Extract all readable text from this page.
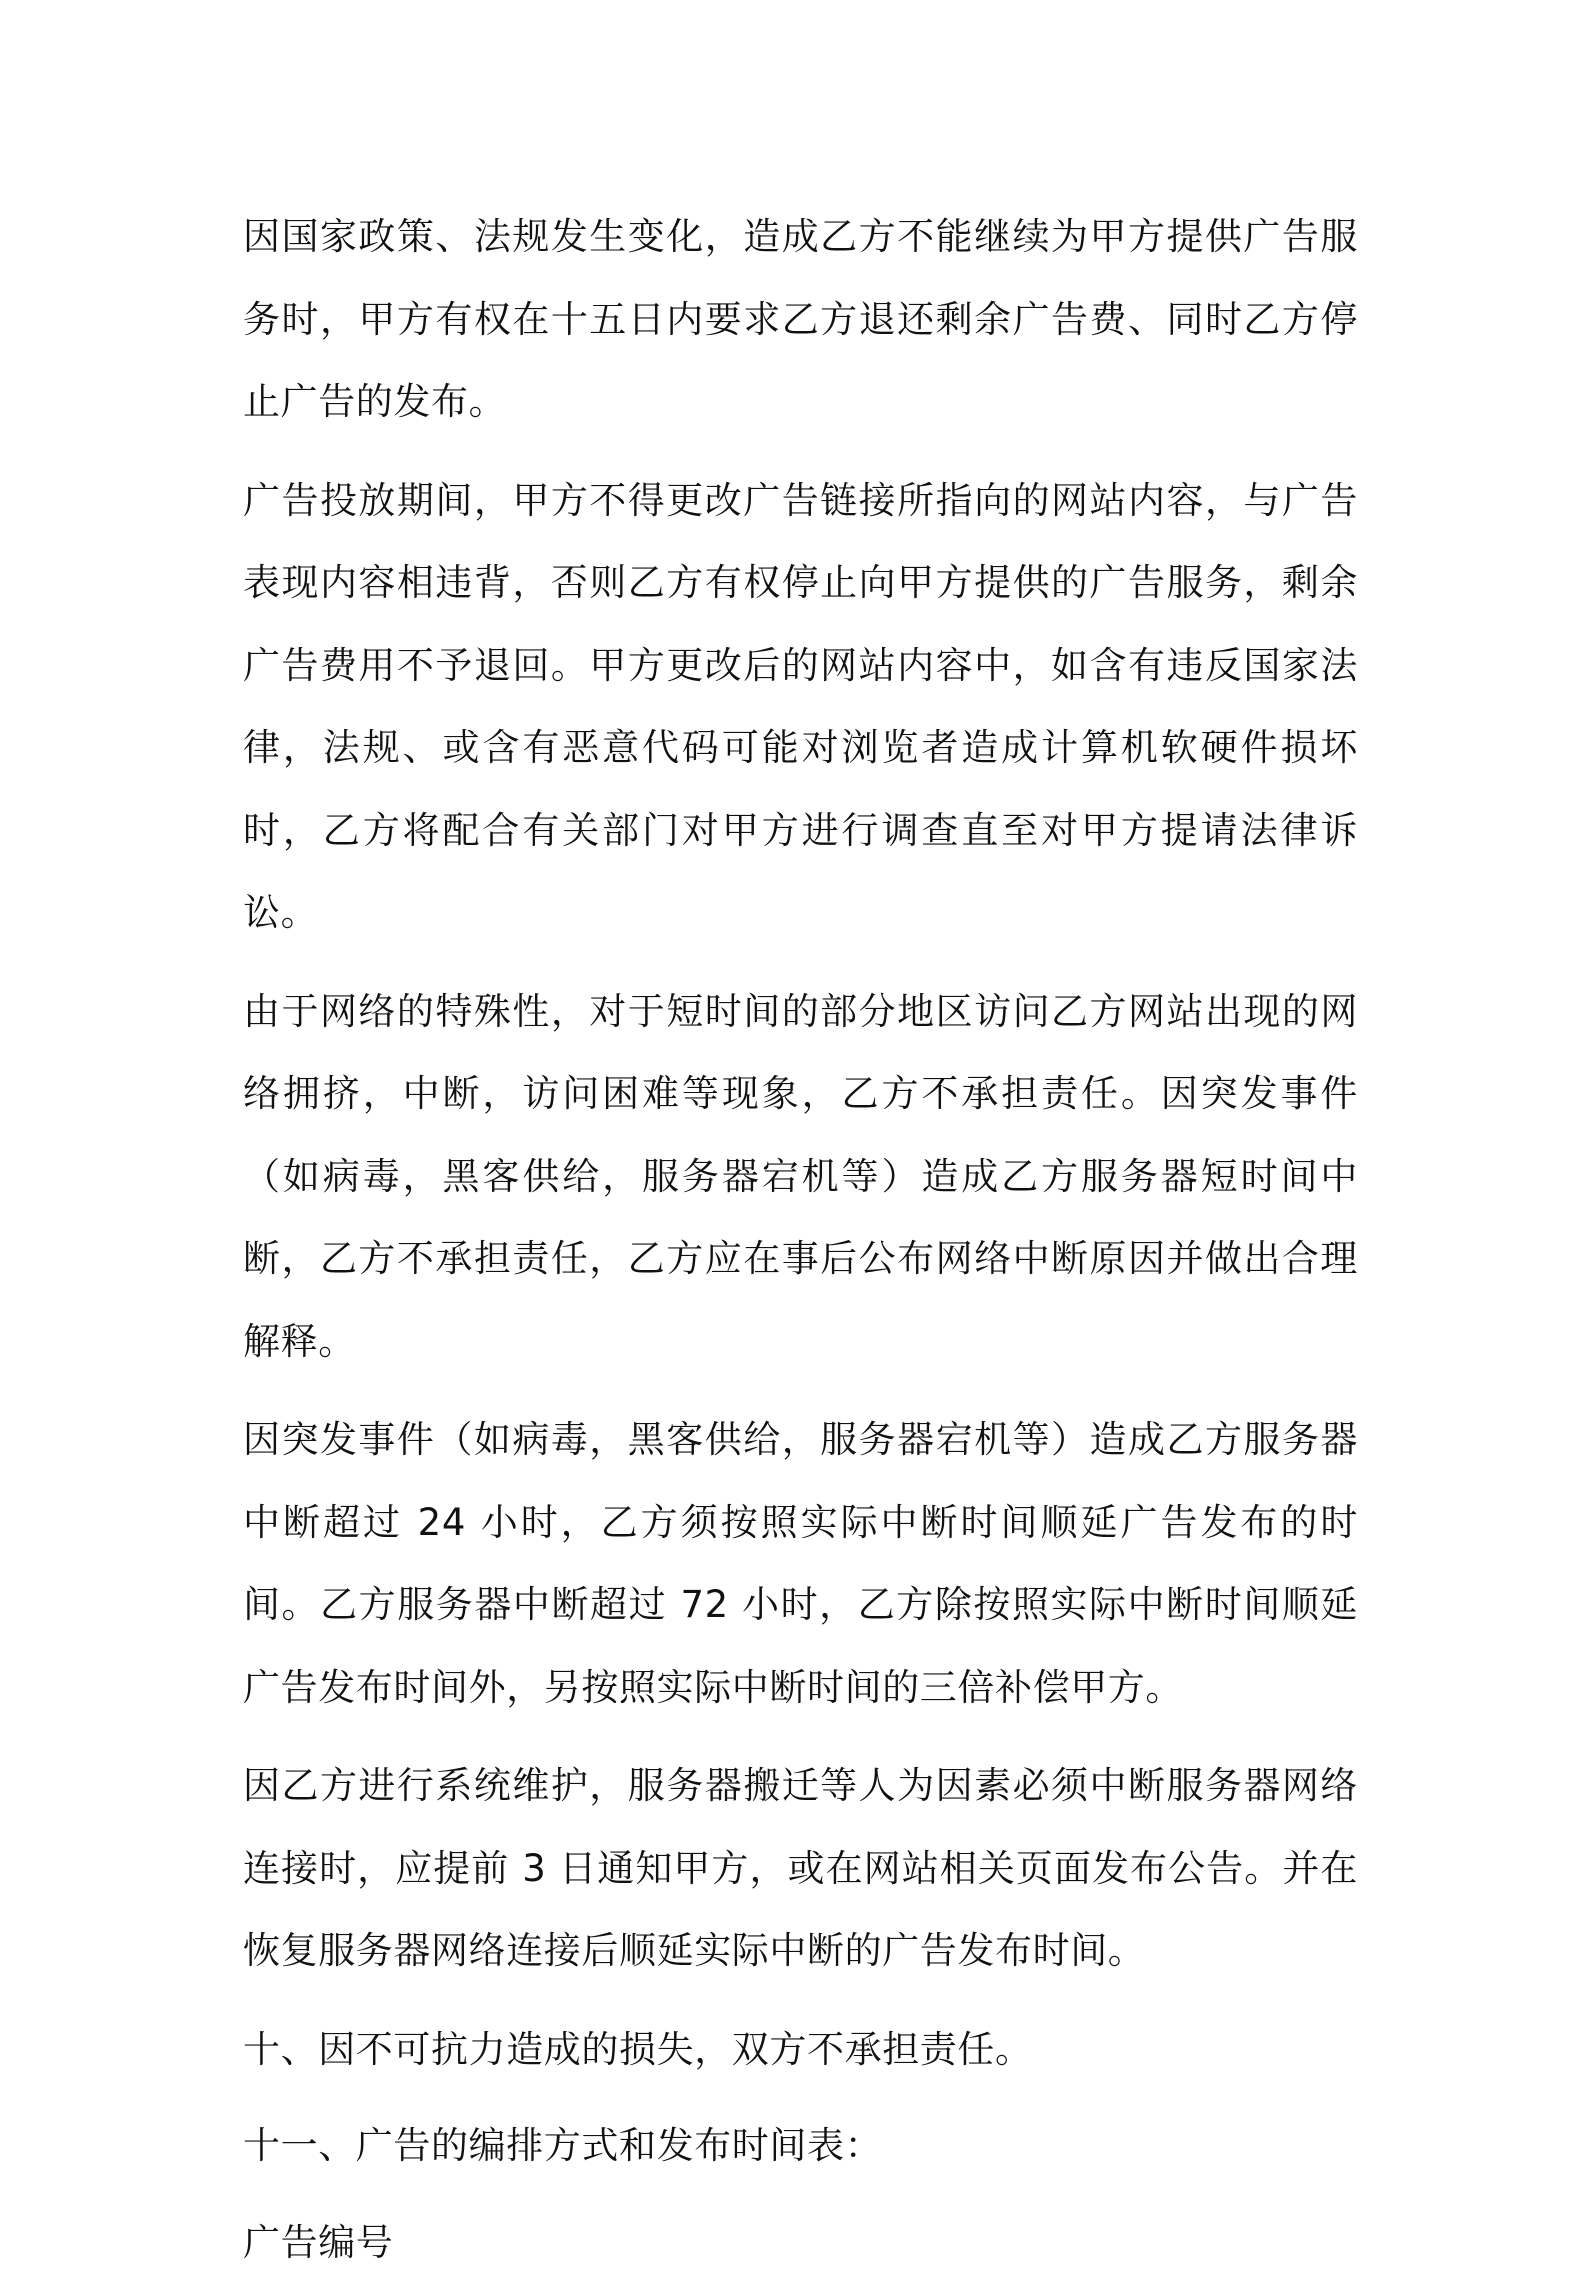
因国家政策、法规发生变化，造成乙方不能继续为甲方提供广告服务时，甲方有权在十五日内要求乙方退还剩余广告费、同时乙方停止广告的发布。

广告投放期间，甲方不得更改广告链接所指向的网站内容，与广告表现内容相违背，否则乙方有权停止向甲方提供的广告服务，剩余广告费用不予退回。甲方更改后的网站内容中，如含有违反国家法律，法规、或含有恶意代码可能对浏览者造成计算机软硬件损坏时，乙方将配合有关部门对甲方进行调查直至对甲方提请法律诉讼。

由于网络的特殊性，对于短时间的部分地区访问乙方网站出现的网络拥挤，中断，访问困难等现象，乙方不承担责任。因突发事件（如病毒，黑客供给，服务器宕机等）造成乙方服务器短时间中断，乙方不承担责任，乙方应在事后公布网络中断原因并做出合理解释。

因突发事件（如病毒，黑客供给，服务器宕机等）造成乙方服务器中断超过 24 小时，乙方须按照实际中断时间顺延广告发布的时间。乙方服务器中断超过 72 小时，乙方除按照实际中断时间顺延广告发布时间外，另按照实际中断时间的三倍补偿甲方。

因乙方进行系统维护，服务器搬迁等人为因素必须中断服务器网络连接时，应提前 3 日通知甲方，或在网站相关页面发布公告。并在恢复服务器网络连接后顺延实际中断的广告发布时间。

十、因不可抗力造成的损失，双方不承担责任。

十一、广告的编排方式和发布时间表：

广告编号
